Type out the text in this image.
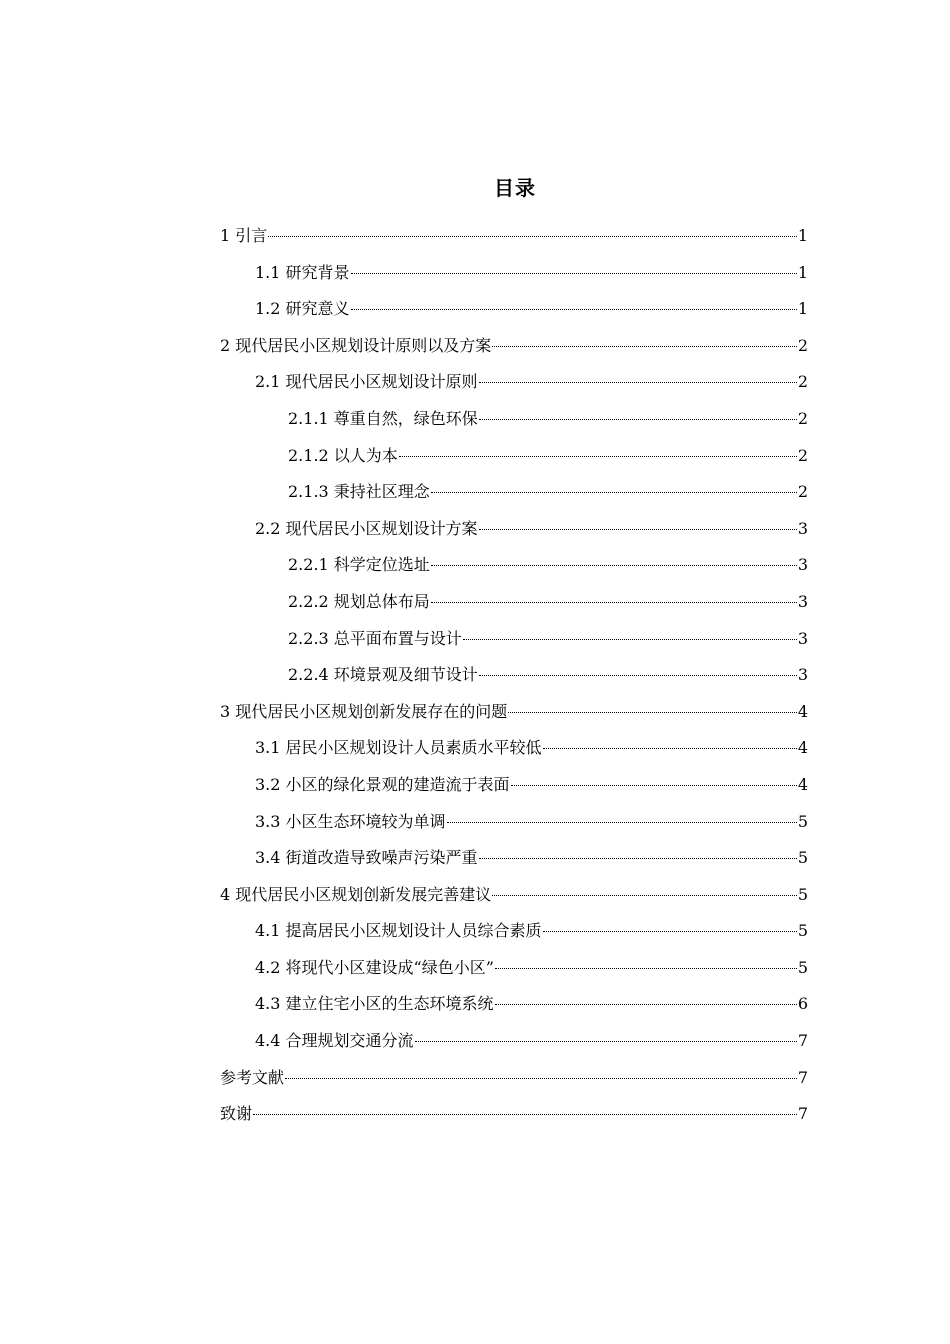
目录
1 引言	1
1.1 研究背景	1
1.2 研究意义	1
2 现代居民小区规划设计原则以及方案	2
2.1 现代居民小区规划设计原则	2
2.1.1 尊重自然，绿色环保	2
2.1.2 以人为本	2
2.1.3 秉持社区理念	2
2.2 现代居民小区规划设计方案	3
2.2.1 科学定位选址	3
2.2.2 规划总体布局	3
2.2.3 总平面布置与设计	3
2.2.4 环境景观及细节设计	3
3 现代居民小区规划创新发展存在的问题	4
3.1 居民小区规划设计人员素质水平较低	4
3.2 小区的绿化景观的建造流于表面	4
3.3 小区生态环境较为单调	5
3.4 街道改造导致噪声污染严重	5
4 现代居民小区规划创新发展完善建议	5
4.1 提高居民小区规划设计人员综合素质	5
4.2 将现代小区建设成“绿色小区”	5
4.3 建立住宅小区的生态环境系统	6
4.4 合理规划交通分流	7
参考文献	7
致谢	7
